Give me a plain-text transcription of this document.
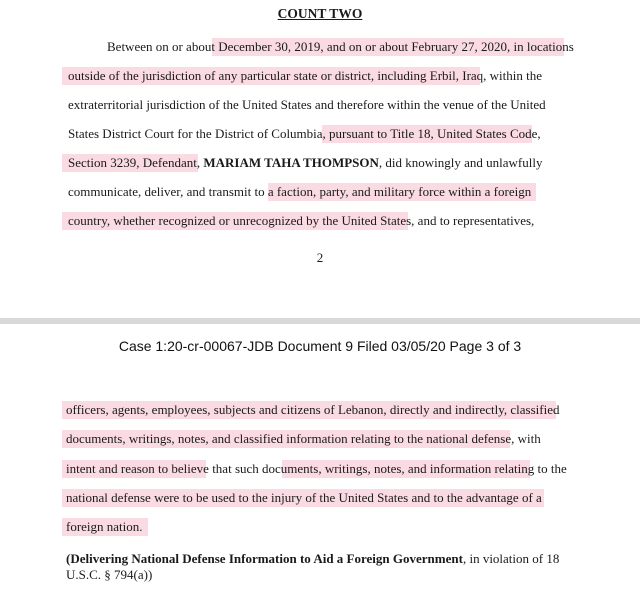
COUNT TWO
Between on or about December 30, 2019, and on or about February 27, 2020, in locations
outside of the jurisdiction of any particular state or district, including Erbil, Iraq, within the
extraterritorial jurisdiction of the United States and therefore within the venue of the United
States District Court for the District of Columbia, pursuant to Title 18, United States Code,
Section 3239, Defendant, MARIAM TAHA THOMPSON, did knowingly and unlawfully
communicate, deliver, and transmit to a faction, party, and military force within a foreign
country, whether recognized or unrecognized by the United States, and to representatives,
2
Case 1:20-cr-00067-JDB Document 9 Filed 03/05/20 Page 3 of 3
officers, agents, employees, subjects and citizens of Lebanon, directly and indirectly, classified
documents, writings, notes, and classified information relating to the national defense, with
intent and reason to believe that such documents, writings, notes, and information relating to the
national defense were to be used to the injury of the United States and to the advantage of a
foreign nation.
(Delivering National Defense Information to Aid a Foreign Government, in violation of 18
U.S.C. § 794(a))
